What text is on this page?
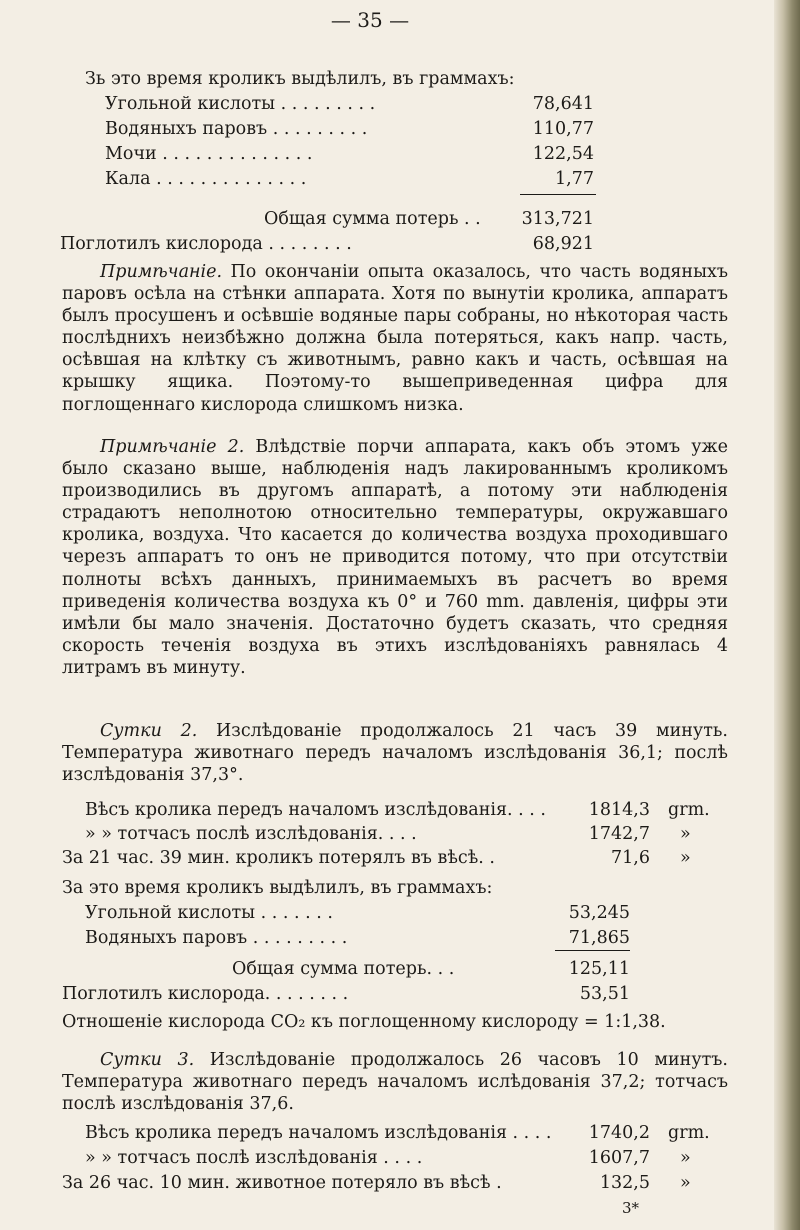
— 35 —
Зь это время кроликъ выдѣлилъ, въ граммахъ:
Угольной кислоты . . . . . . . . .	78,641
Водяныхъ паровъ . . . . . . . . .	110,77
Мочи . . . . . . . . . . . . . .	122,54
Кала . . . . . . . . . . . . . .	1,77
Общая сумма потерь . . 313,721
Поглотилъ кислорода . . . . . . . .	68,921

Примѣчаніе. По окончаніи опыта оказалось, что часть водяныхъ паровъ осѣла на стѣнки аппарата. Хотя по вынутіи кролика, аппаратъ былъ просушенъ и осѣвшіе водяные пары собраны, но нѣкоторая часть послѣднихъ неизбѣжно должна была потеряться, какъ напр. часть, осѣвшая на клѣтку съ животнымъ, равно какъ и часть, осѣвшая на крышку ящика. Поэтому-то вышеприведенная цифра для поглощеннаго кислорода слишкомъ низка.

Примѣчаніе 2. Влѣдствіе порчи аппарата, какъ объ этомъ уже было сказано выше, наблюденія надъ лакированнымъ кроликомъ производились въ другомъ аппаратѣ, а потому эти наблюденія страдаютъ неполнотою относительно температуры, окружавшаго кролика, воздуха. Что касается до количества воздуха проходившаго черезъ аппаратъ то онъ не приводится потому, что при отсутствіи полноты всѣхъ данныхъ, принимаемыхъ въ расчетъ во время приведенія количества воздуха къ 0° и 760 mm. давленія, цифры эти имѣли бы мало значенія. Достаточно будетъ сказать, что средняя скорость теченія воздуха въ этихъ изслѣдованіяхъ равнялась 4 литрамъ въ минуту.

Сутки 2. Изслѣдованіе продолжалось 21 часъ 39 минуть. Температура животнаго передъ началомъ изслѣдованія 36,1; послѣ изслѣдованія 37,3°.

Вѣсъ кролика передъ началомъ изслѣдованія. . . . 1814,3 grm.
» » тотчасъ послѣ изслѣдованія. . . .	1742,7 »
За 21 час. 39 мин. кроликъ потерялъ въ вѣсѣ. .	71,6 »
За это время кроликъ выдѣлилъ, въ граммахъ:
Угольной кислоты . . . . . . .	53,245
Водяныхъ паровъ . . . . . . . . .	71,865
Общая сумма потерь. . .	125,11
Поглотилъ кислорода. . . . . . . .	53,51
Отношеніе кислорода CO₂ къ поглощенному кислороду = 1:1,38.

Сутки 3. Изслѣдованіе продолжалось 26 часовъ 10 минутъ. Температура животнаго передъ началомъ ислѣдованія 37,2; тотчасъ послѣ изслѣдованія 37,6.

Вѣсъ кролика передъ началомъ изслѣдованія . . . . 1740,2 grm.
» » тотчасъ послѣ изслѣдованія . . . .	1607,7 »
За 26 час. 10 мин. животное потеряло въ вѣсѣ .	132,5 »
3*
